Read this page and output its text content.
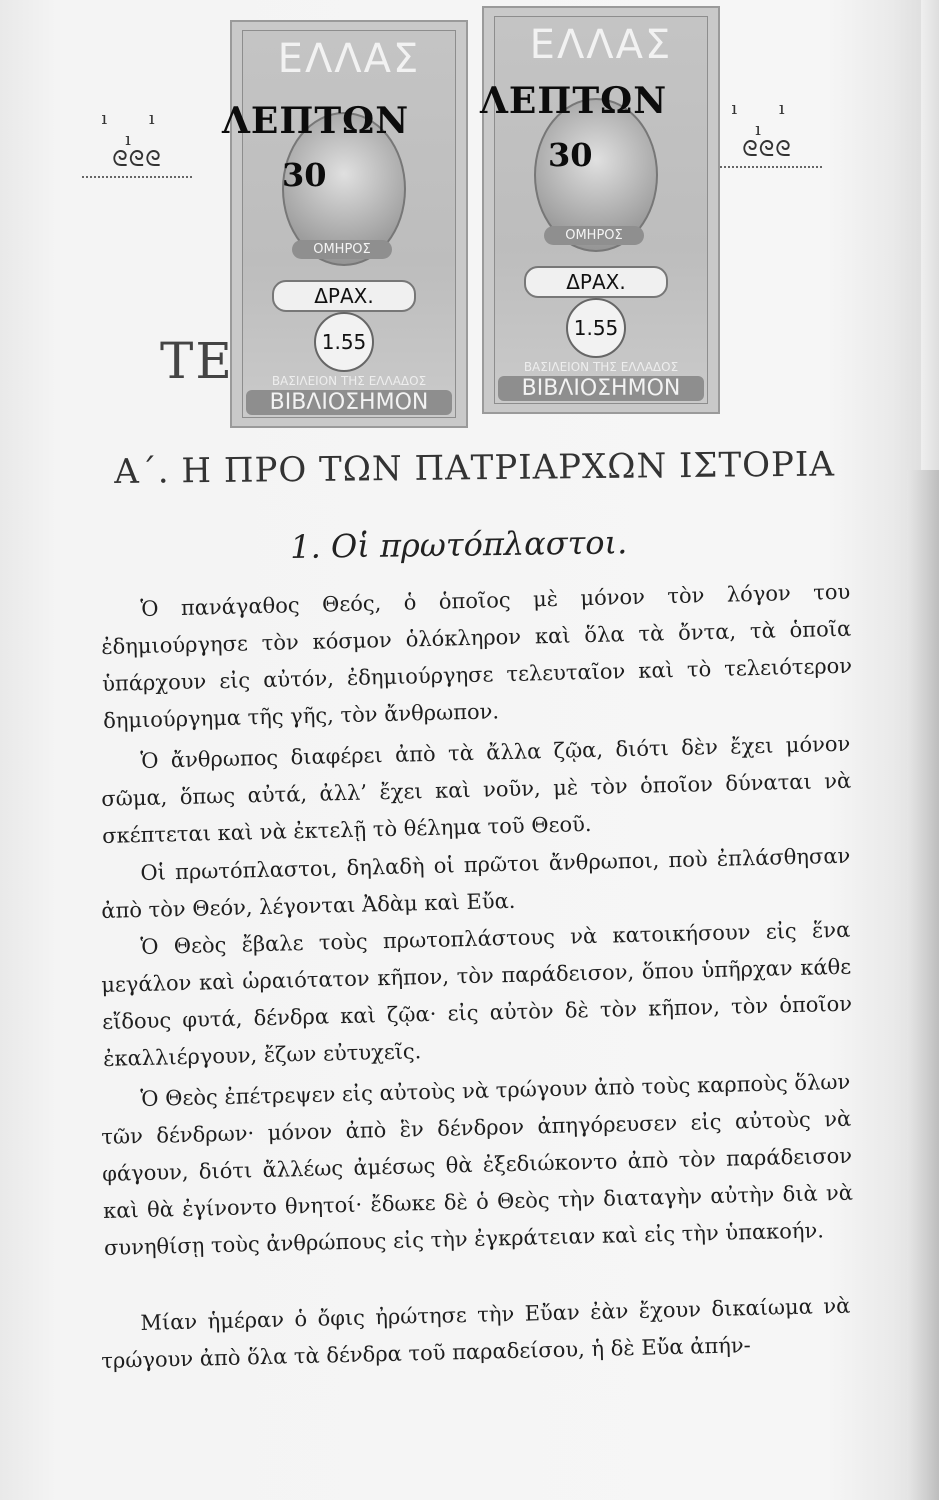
ı ı ı
ᘓᘓᘓ
ı ı ı
ᘓᘓᘓ
ΕΛΛΑΣ
ΟΜΗΡΟΣ
ΔΡΑΧ.
1.55
ΒΑΣΙΛΕΙΟΝ ΤΗΣ ΕΛΛΑΔΟΣ
ΒΙΒΛΙΟΣΗΜΟΝ
ΕΛΛΑΣ
ΟΜΗΡΟΣ
ΔΡΑΧ.
1.55
ΒΑΣΙΛΕΙΟΝ ΤΗΣ ΕΛΛΑΔΟΣ
ΒΙΒΛΙΟΣΗΜΟΝ
ΛΕΠΤΩΝ
30
ΛΕΠΤΩΝ
30
ΤΕ
Α΄. Η ΠΡΟ ΤΩΝ ΠΑΤΡΙΑΡΧΩΝ ΙΣΤΟΡΙΑ
1. Οἱ πρωτόπλαστοι.
Ὁ πανάγαθος Θεός, ὁ ὁποῖος μὲ μόνον τὸν λόγον του ἐδημιούργησε τὸν κόσμον ὁλόκληρον καὶ ὅλα τὰ ὄντα, τὰ ὁποῖα ὑπάρχουν εἰς αὐτόν, ἐδημιούργησε τελευταῖον καὶ τὸ τελειότερον δημιούργημα τῆς γῆς, τὸν ἄνθρωπον.
Ὁ ἄνθρωπος διαφέρει ἀπὸ τὰ ἄλλα ζῷα, διότι δὲν ἔχει μόνον σῶμα, ὅπως αὐτά, ἀλλ’ ἔχει καὶ νοῦν, μὲ τὸν ὁποῖον δύναται νὰ σκέπτεται καὶ νὰ ἐκτελῇ τὸ θέλημα τοῦ Θεοῦ.
Οἱ πρωτόπλαστοι, δηλαδὴ οἱ πρῶτοι ἄνθρωποι, ποὺ ἐπλάσθησαν ἀπὸ τὸν Θεόν, λέγονται Ἀδὰμ καὶ Εὔα.
Ὁ Θεὸς ἔβαλε τοὺς πρωτοπλάστους νὰ κατοικήσουν εἰς ἕνα μεγάλον καὶ ὡραιότατον κῆπον, τὸν παράδεισον, ὅπου ὑπῆρχαν κάθε εἴδους φυτά, δένδρα καὶ ζῷα· εἰς αὐτὸν δὲ τὸν κῆπον, τὸν ὁποῖον ἐκαλλιέργουν, ἔζων εὐτυχεῖς.
Ὁ Θεὸς ἐπέτρεψεν εἰς αὐτοὺς νὰ τρώγουν ἀπὸ τοὺς καρποὺς ὅλων τῶν δένδρων· μόνον ἀπὸ ἓν δένδρον ἀπηγόρευσεν εἰς αὐτοὺς νὰ φάγουν, διότι ἄλλέως ἀμέσως θὰ ἐξεδιώκοντο ἀπὸ τὸν παράδεισον καὶ θὰ ἐγίνοντο θνητοί· ἔδωκε δὲ ὁ Θεὸς τὴν διαταγὴν αὐτὴν διὰ νὰ συνηθίσῃ τοὺς ἀνθρώπους εἰς τὴν ἐγκράτειαν καὶ εἰς τὴν ὑπακοήν.
Μίαν ἡμέραν ὁ ὄφις ἠρώτησε τὴν Εὔαν ἐὰν ἔχουν δικαίωμα νὰ τρώγουν ἀπὸ ὅλα τὰ δένδρα τοῦ παραδείσου, ἡ δὲ Εὔα ἀπήν-
